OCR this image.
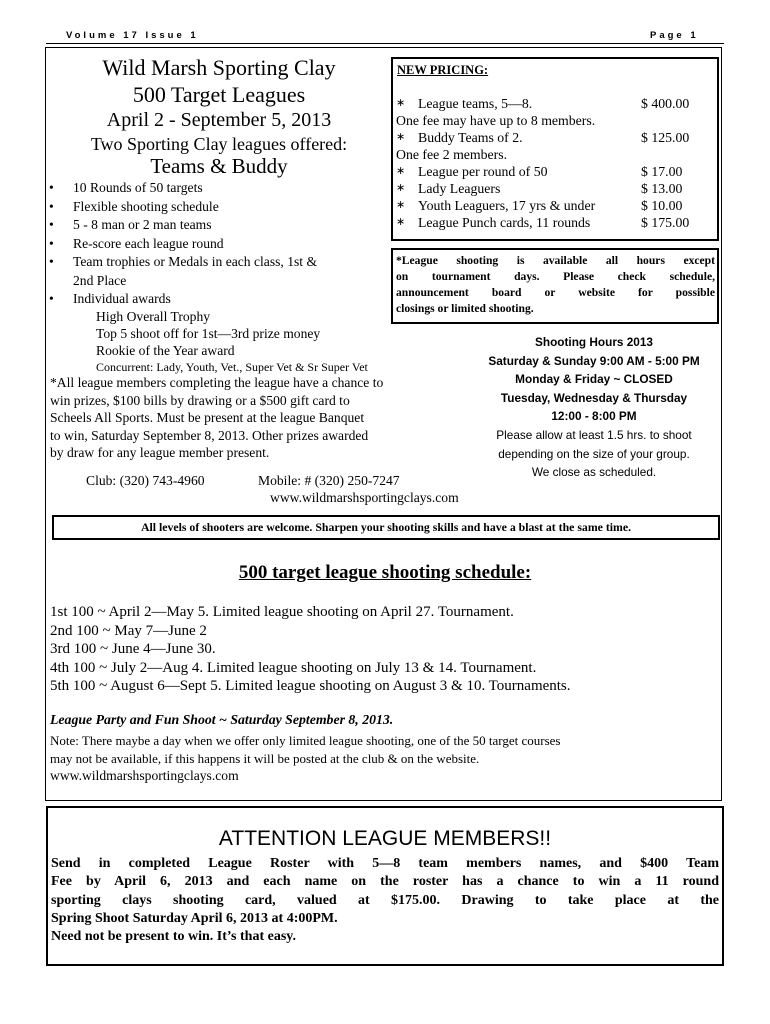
Volume 17 Issue 1	Page 1
Wild Marsh Sporting Clay
500 Target Leagues
April 2 - September 5, 2013
Two Sporting Clay leagues offered:
Teams & Buddy
• 10 Rounds of 50 targets
• Flexible shooting schedule
• 5 - 8 man or 2 man teams
• Re-score each league round
• Team trophies or Medals in each class, 1st &
2nd Place
• Individual awards
High Overall Trophy
Top 5 shoot off for 1st—3rd prize money
Rookie of the Year award
Concurrent: Lady, Youth, Vet., Super Vet & Sr Super Vet
*All league members completing the league have a chance to
win prizes, $100 bills by drawing or a $500 gift card to
Scheels All Sports. Must be present at the league Banquet
to win, Saturday September 8, 2013. Other prizes awarded
by draw for any league member present.
Club: (320) 743-4960	Mobile: # (320) 250-7247
www.wildmarshsportingclays.com
NEW PRICING:
∗ League teams, 5—8.	$ 400.00
One fee may have up to 8 members.
∗ Buddy Teams of 2.	$ 125.00
One fee 2 members.
∗ League per round of 50	$ 17.00
∗ Lady Leaguers	$ 13.00
∗ Youth Leaguers, 17 yrs & under	$ 10.00
∗ League Punch cards, 11 rounds	$ 175.00
*League shooting is available all hours except
on tournament days. Please check schedule,
announcement board or website for possible
closings or limited shooting.
Shooting Hours 2013
Saturday & Sunday 9:00 AM - 5:00 PM
Monday & Friday ~ CLOSED
Tuesday, Wednesday & Thursday
12:00 - 8:00 PM
Please allow at least 1.5 hrs. to shoot
depending on the size of your group.
We close as scheduled.
All levels of shooters are welcome. Sharpen your shooting skills and have a blast at the same time.
500 target league shooting schedule:
1st 100 ~ April 2—May 5. Limited league shooting on April 27. Tournament.
2nd 100 ~ May 7—June 2
3rd 100 ~ June 4—June 30.
4th 100 ~ July 2—Aug 4. Limited league shooting on July 13 & 14. Tournament.
5th 100 ~ August 6—Sept 5. Limited league shooting on August 3 & 10. Tournaments.
League Party and Fun Shoot ~ Saturday September 8, 2013.
Note: There maybe a day when we offer only limited league shooting, one of the 50 target courses
may not be available, if this happens it will be posted at the club & on the website.
www.wildmarshsportingclays.com
ATTENTION LEAGUE MEMBERS!!
Send in completed League Roster with 5—8 team members names, and $400 Team
Fee by April 6, 2013 and each name on the roster has a chance to win a 11 round
sporting clays shooting card, valued at $175.00. Drawing to take place at the
Spring Shoot Saturday April 6, 2013 at 4:00PM.
Need not be present to win. It’s that easy.
